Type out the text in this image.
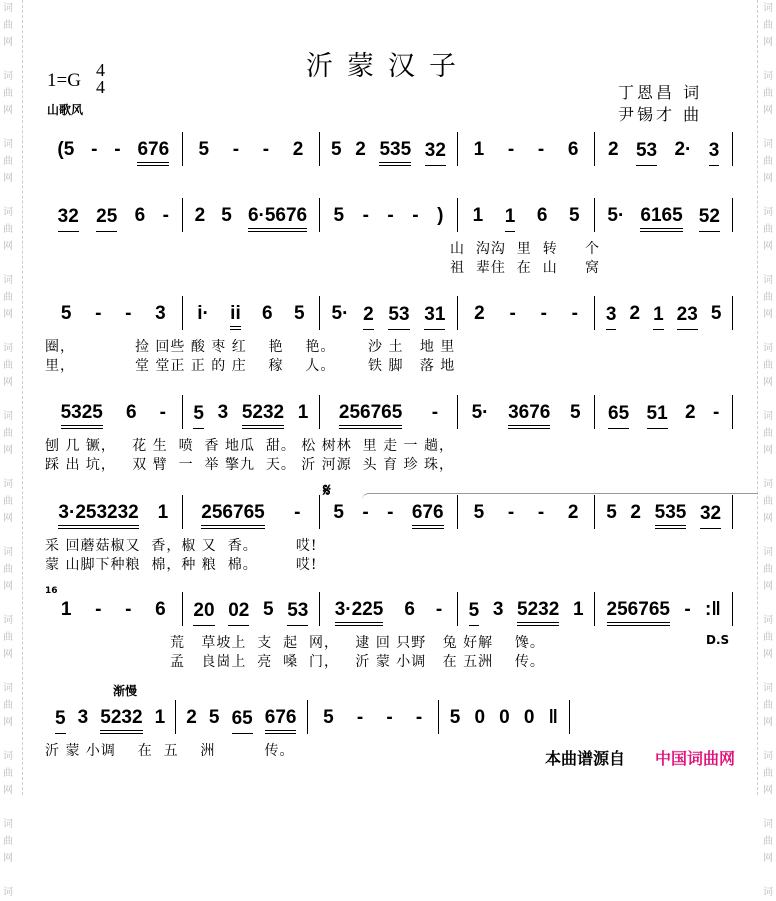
词
曲
网

词
曲
网

词
曲
网

词
曲
网

词
曲
网

词
曲
网

词
曲
网

词
曲
网

词
曲
网

词
曲
网

词
曲
网

词
曲
网

词
曲
网

词
词
曲
网

词
曲
网

词
曲
网

词
曲
网

词
曲
网

词
曲
网

词
曲
网

词
曲
网

词
曲
网

词
曲
网

词
曲
网

词
曲
网

词
曲
网

词
沂蒙汉子
1=G 4
4
山歌风
丁恩昌 词
尹锡才 曲
(5 - - 676 5 - - 2 5 2 535 32 1 - - 6 2 53 2· 3
32 25 6 - 2 5 6·5676 5 - - - ) 1 1 6 5 5· 6165 52
山  沟沟  里  转     个
祖  辈住  在  山     窝
5 - - 3 i· ii 6 5 5· 2 53 31 2 - - - 3 2 1 23 5
圈，           捡 回些 酸 枣 红    艳    艳。      沙 土   地 里
里，           堂 堂正 正 的 庄    稼    人。      铁 脚   落 地
5325 6 - 5 3 5232 1 256765 - 5· 3676 5 65 51 2 -
刨 几 镢，   花 生  喷  香 地瓜  甜。 松 树林  里 走 一 趟，
踩 出 坑，   双 臂  一  举 擎九  天。 沂 河源  头 育 珍 珠，
3·253232 1 256765 - 5 - - 676 5 - - 2 5 2 535 32
采 回蘑菇椒又  香，椒 又  香。       哎!
蒙 山脚下种粮  棉，种 粮  棉。       哎!
1 - - 6 20 02 5 53 3·225 6 - 5 3 5232 1 256765 - :‖
荒   草坡上  支  起  网，   逮 回 只野   兔 好解    馋。
孟   良崮上  亮  嗓  门，   沂 蒙 小调   在 五洲    传。
5 3 5232 1 2 5 65 676 5 - - - 5 0 0 0 ‖
沂 蒙 小调    在  五    洲         传。
𝄋
16
渐慢
D.S
本曲谱源自 中国词曲网
